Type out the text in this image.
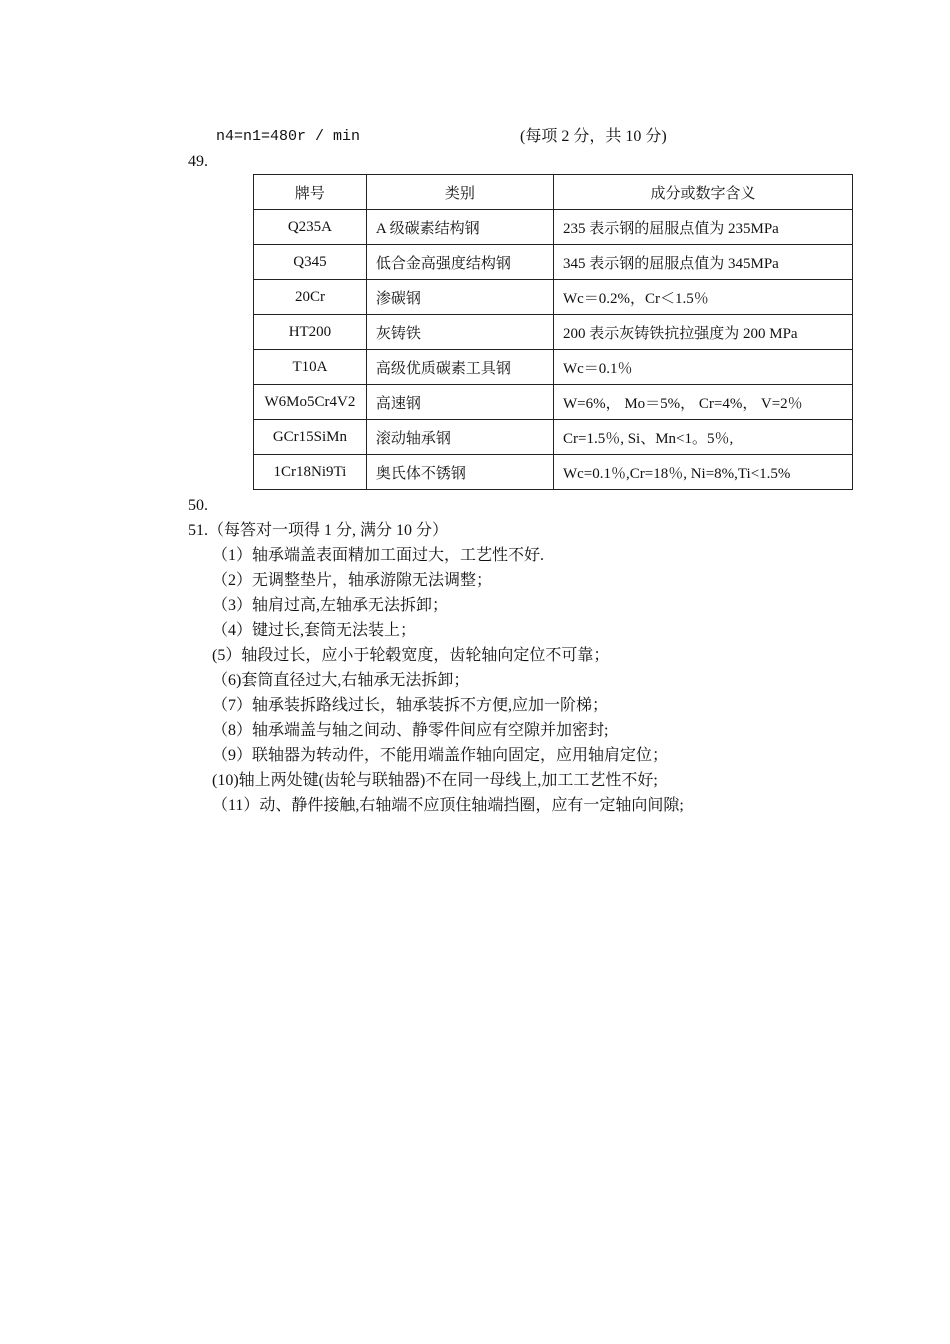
n4=n1=480r / min	(每项 2 分，共 10 分)
49.
牌号	类别	成分或数字含义
Q235A	A 级碳素结构钢	235 表示钢的屈服点值为 235MPa
Q345	低合金高强度结构钢	345 表示钢的屈服点值为 345MPa
20Cr	渗碳钢	Wc＝0.2%，Cr＜1.5％
HT200	灰铸铁	200 表示灰铸铁抗拉强度为 200 MPa
T10A	高级优质碳素工具钢	Wc＝0.1％
W6Mo5Cr4V2	高速钢	W=6%， Mo＝5%， Cr=4%， V=2％
GCr15SiMn	滚动轴承钢	Cr=1.5％, Si、Mn<1。5％,
1Cr18Ni9Ti	奥氏体不锈钢	Wc=0.1％,Cr=18％, Ni=8%,Ti<1.5%
50.
51.（每答对一项得 1 分, 满分 10 分）
（1）轴承端盖表面精加工面过大，工艺性不好.
（2）无调整垫片，轴承游隙无法调整；
（3）轴肩过高,左轴承无法拆卸；
（4）键过长,套筒无法装上；
(5）轴段过长，应小于轮毂宽度，齿轮轴向定位不可靠；
（6)套筒直径过大,右轴承无法拆卸；
（7）轴承装拆路线过长，轴承装拆不方便,应加一阶梯；
（8）轴承端盖与轴之间动、静零件间应有空隙并加密封;
（9）联轴器为转动件，不能用端盖作轴向固定，应用轴肩定位；
(10)轴上两处键(齿轮与联轴器)不在同一母线上,加工工艺性不好;
（11）动、静件接触,右轴端不应顶住轴端挡圈，应有一定轴向间隙;
